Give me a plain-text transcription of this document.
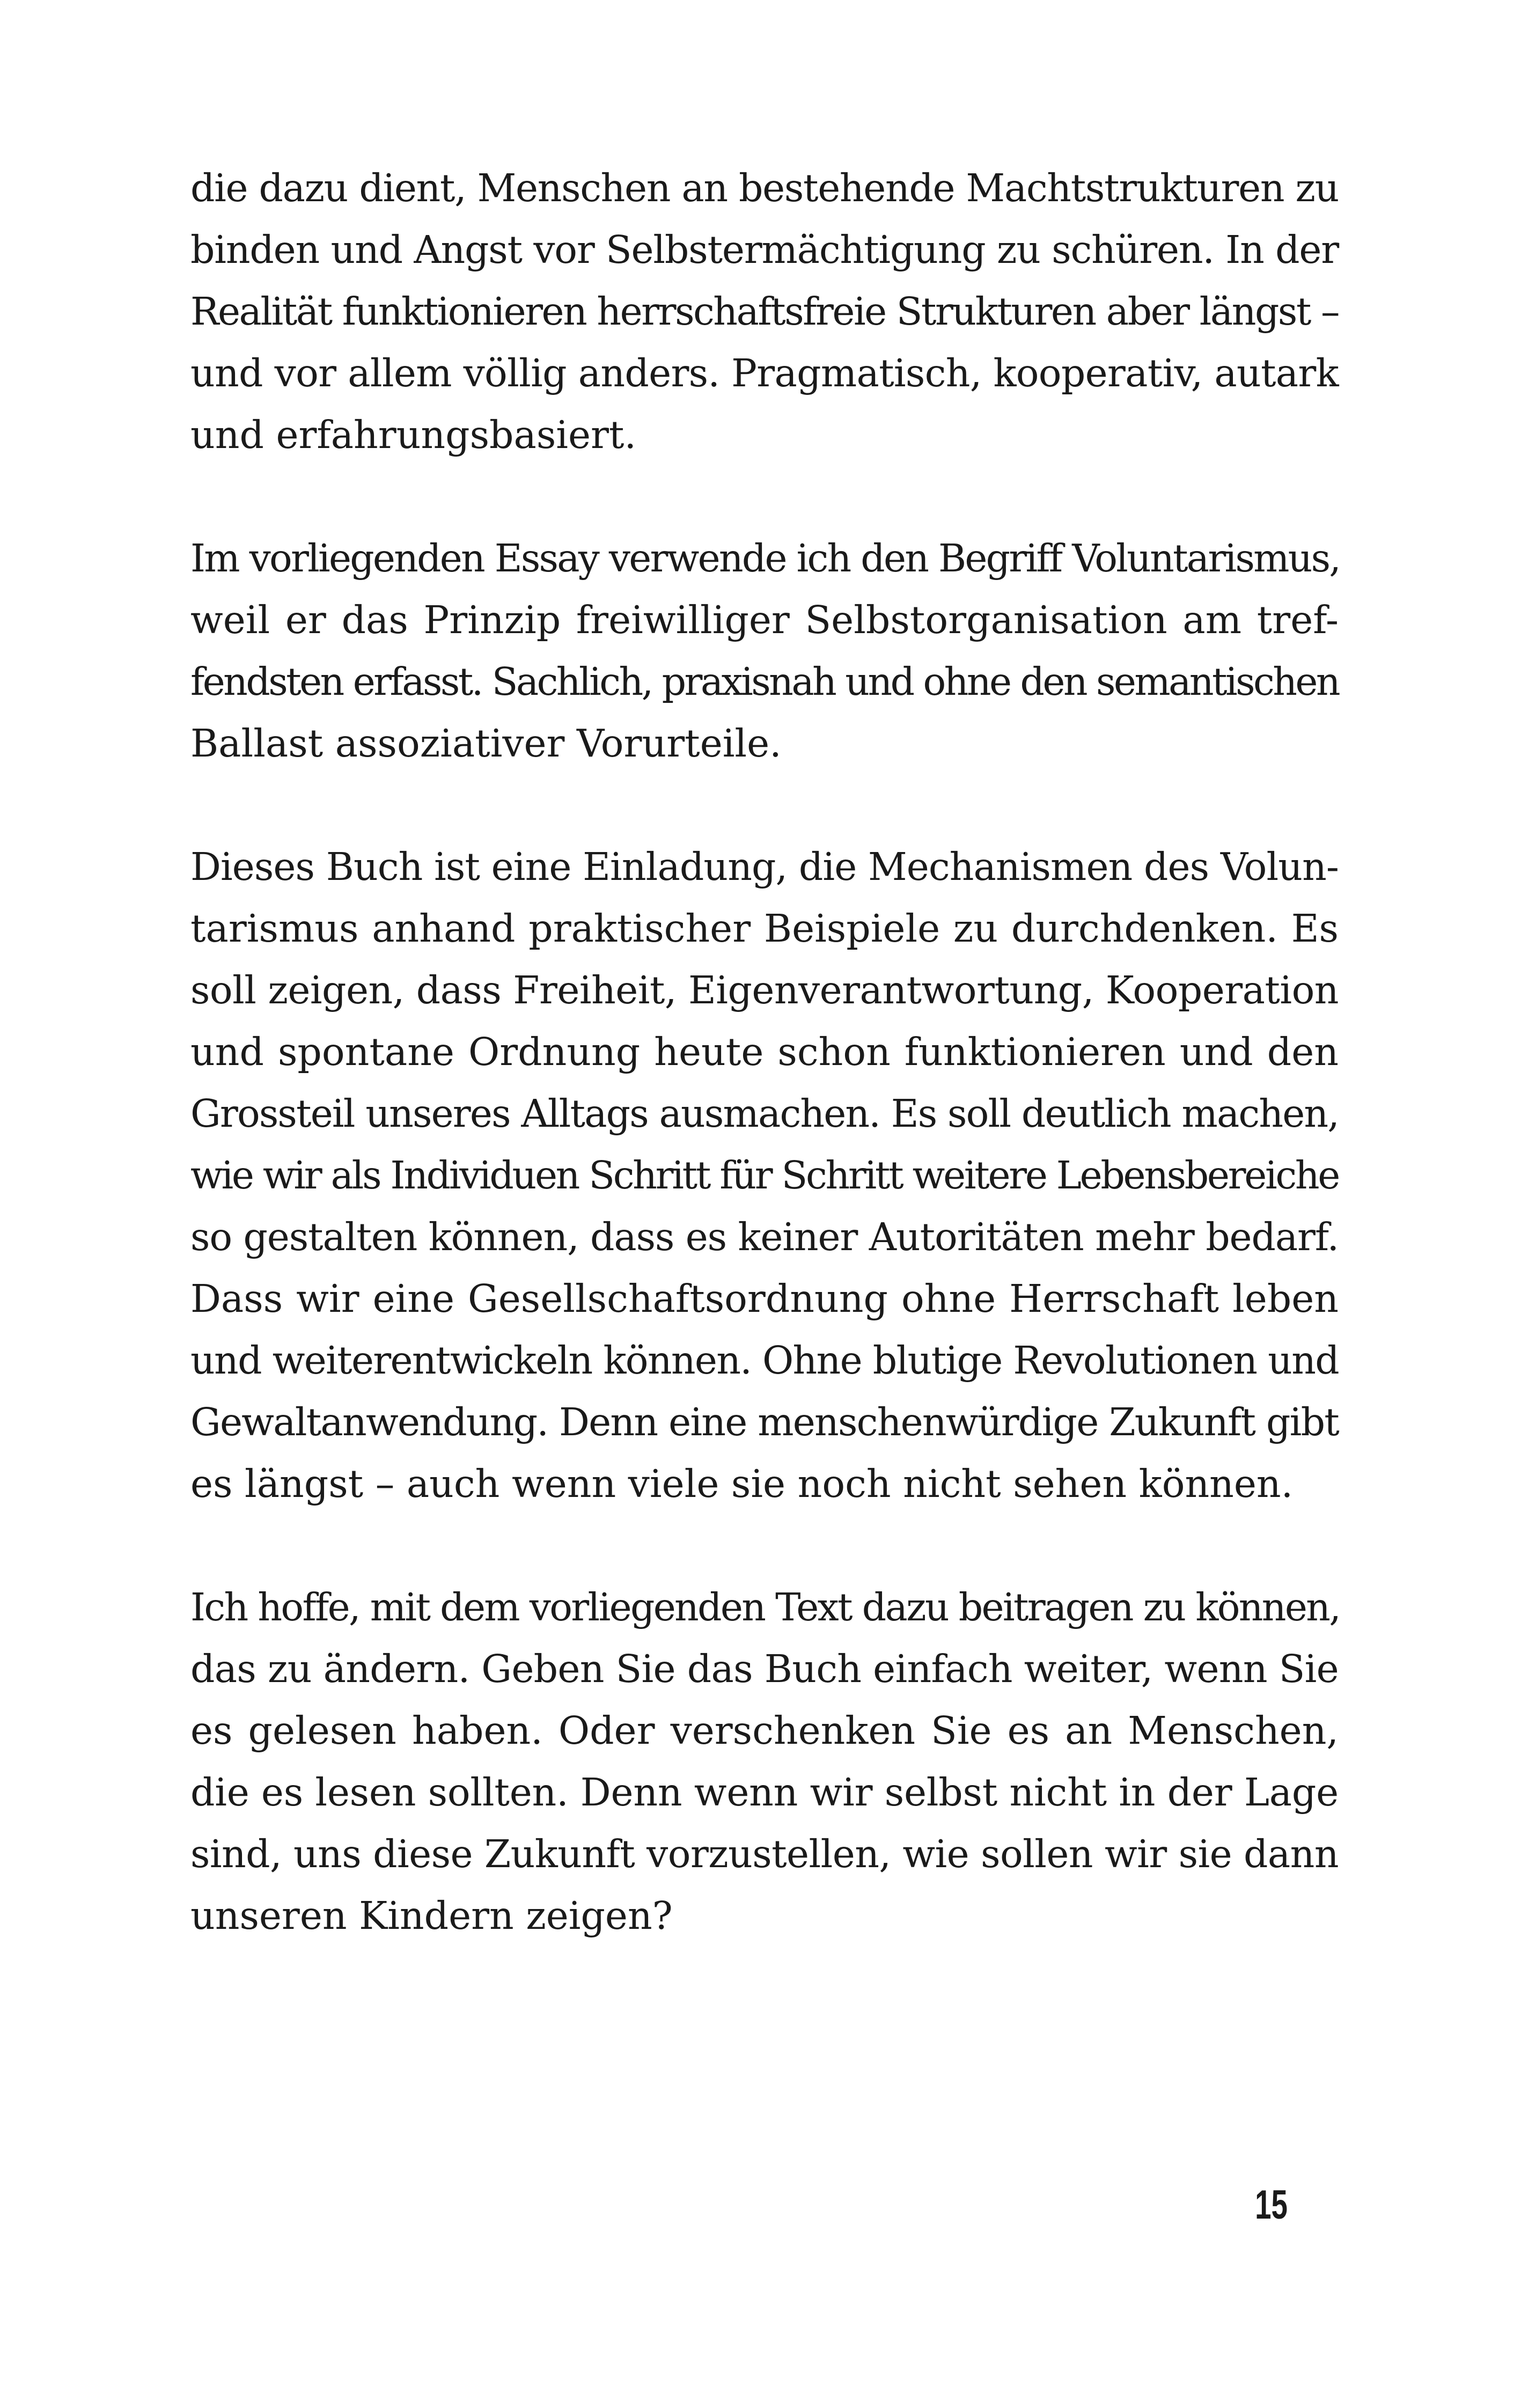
die dazu dient, Menschen an bestehende Machtstrukturen zu
binden und Angst vor Selbstermächtigung zu schüren. In der
Realität funktionieren herrschaftsfreie Strukturen aber längst –
und vor allem völlig anders. Pragmatisch, kooperativ, autark
und erfahrungsbasiert.
Im vorliegenden Essay verwende ich den Begriff Voluntarismus,
weil er das Prinzip freiwilliger Selbstorganisation am tref-
fendsten erfasst. Sachlich, praxisnah und ohne den semantischen
Ballast assoziativer Vorurteile.
Dieses Buch ist eine Einladung, die Mechanismen des Volun-
tarismus anhand praktischer Beispiele zu durchdenken. Es
soll zeigen, dass Freiheit, Eigenverantwortung, Kooperation
und spontane Ordnung heute schon funktionieren und den
Grossteil unseres Alltags ausmachen. Es soll deutlich machen,
wie wir als Individuen Schritt für Schritt weitere Lebensbereiche
so gestalten können, dass es keiner Autoritäten mehr bedarf.
Dass wir eine Gesellschaftsordnung ohne Herrschaft leben
und weiterentwickeln können. Ohne blutige Revolutionen und
Gewaltanwendung. Denn eine menschenwürdige Zukunft gibt
es längst – auch wenn viele sie noch nicht sehen können.
Ich hoffe, mit dem vorliegenden Text dazu beitragen zu können,
das zu ändern. Geben Sie das Buch einfach weiter, wenn Sie
es gelesen haben. Oder verschenken Sie es an Menschen,
die es lesen sollten. Denn wenn wir selbst nicht in der Lage
sind, uns diese Zukunft vorzustellen, wie sollen wir sie dann
unseren Kindern zeigen?
15
